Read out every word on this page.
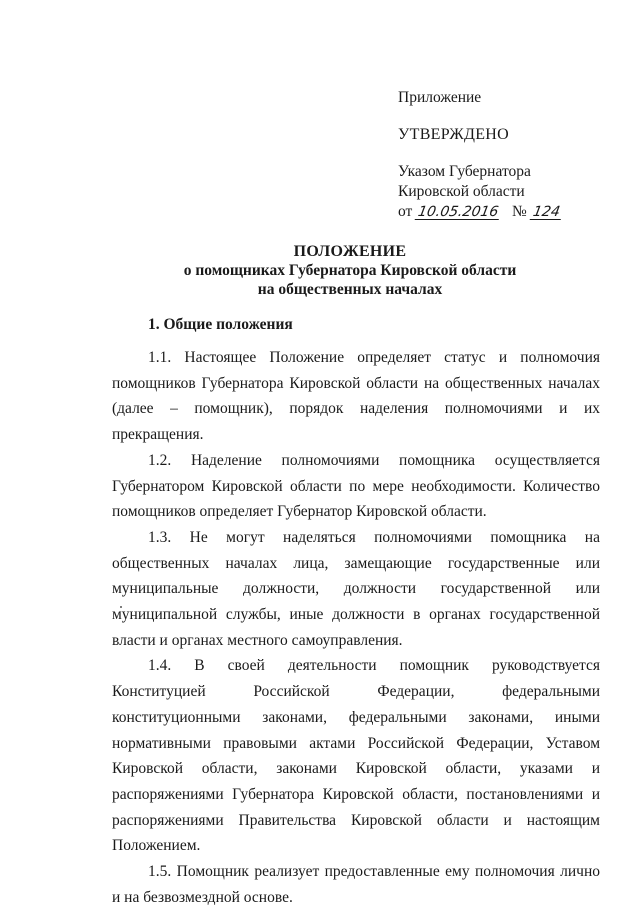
Приложение
УТВЕРЖДЕНО
Указом Губернатора
Кировской области
от 10.05.2016 № 124
ПОЛОЖЕНИЕ
о помощниках Губернатора Кировской области
на общественных началах
1. Общие положения

1.1. Настоящее Положение определяет статус и полномочия помощников Губернатора Кировской области на общественных началах (далее – помощник), порядок наделения полномочиями и их прекращения.

1.2. Наделение полномочиями помощника осуществляется Губернатором Кировской области по мере необходимости. Количество помощников определяет Губернатор Кировской области.

1.3. Не могут наделяться полномочиями помощника на общественных началах лица, замещающие государственные или муниципальные должности, должности государственной или муниципальной службы, иные должности в органах государственной власти и органах местного самоуправления.

1.4. В своей деятельности помощник руководствуется Конституцией Российской Федерации, федеральными конституционными законами, федеральными законами, иными нормативными правовыми актами Российской Федерации, Уставом Кировской области, законами Кировской области, указами и распоряжениями Губернатора Кировской области, постановлениями и распоряжениями Правительства Кировской области и настоящим Положением.

1.5. Помощник реализует предоставленные ему полномочия лично и на безвозмездной основе.
